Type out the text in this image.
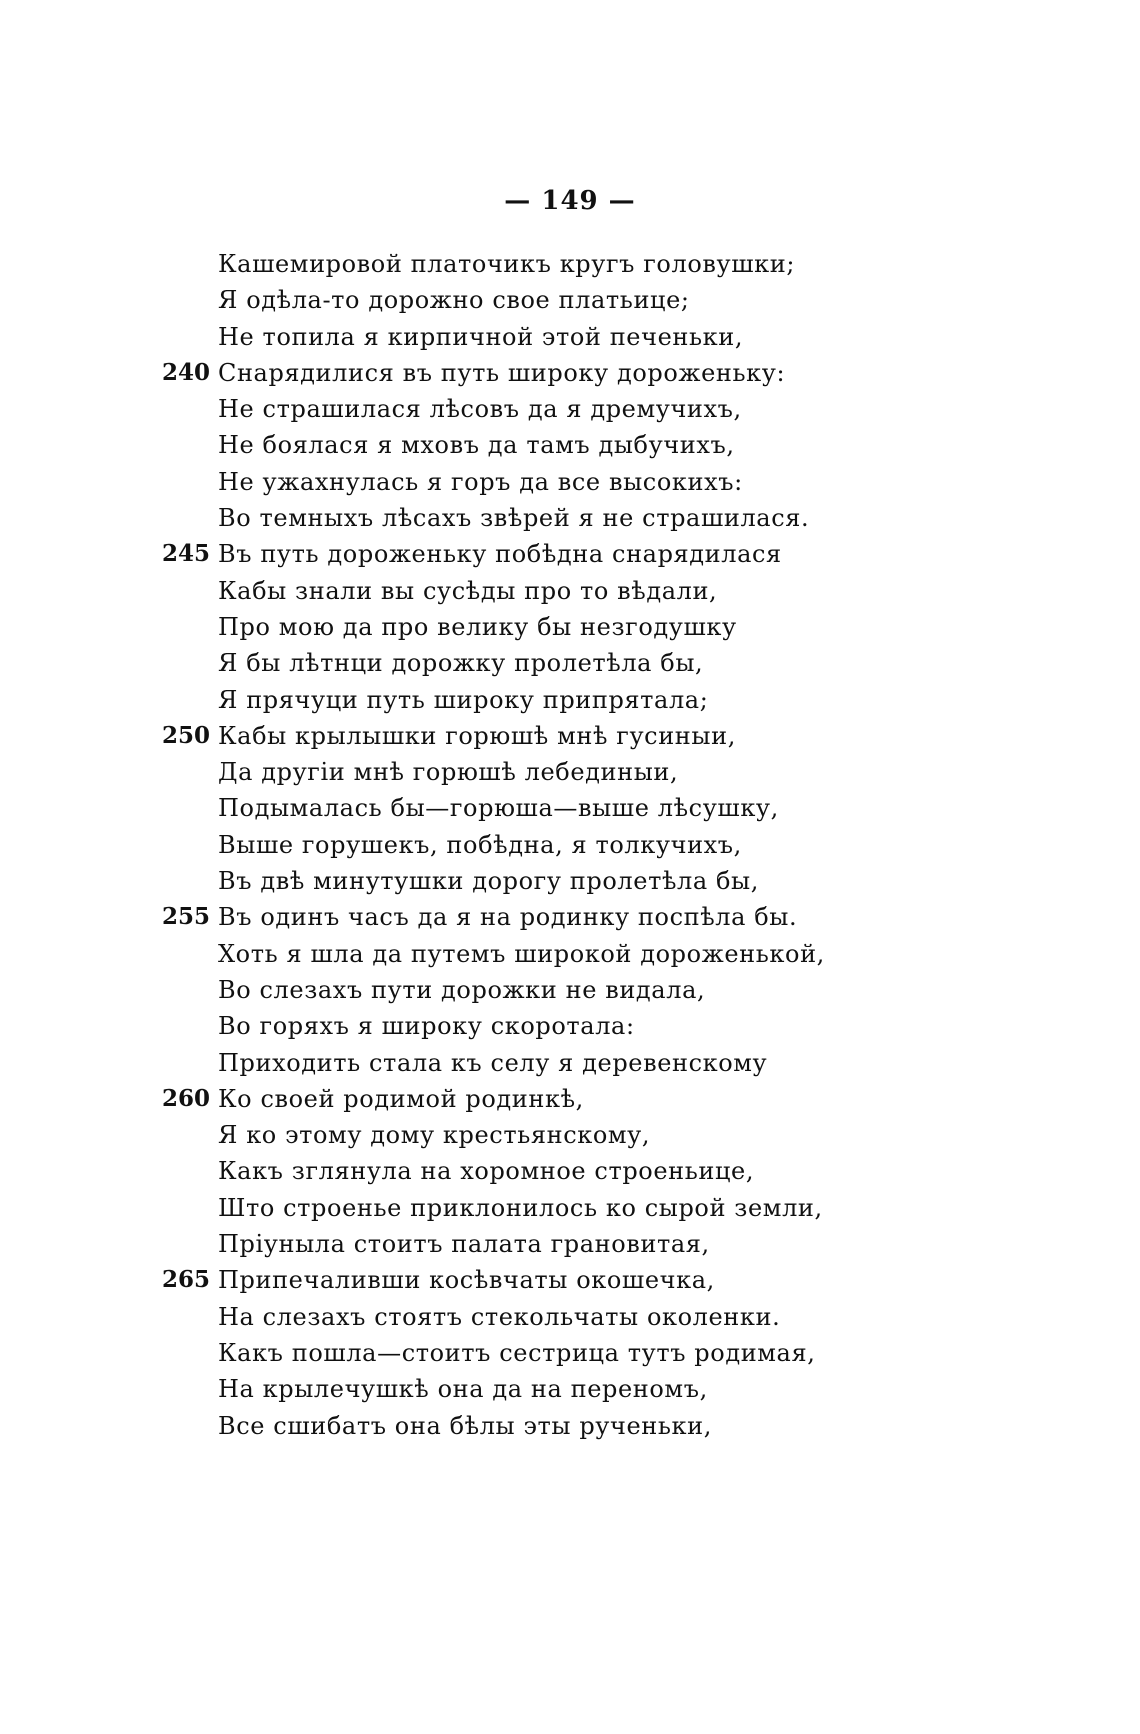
— 149 —
Кашемировой платочикъ кругъ головушки;
Я одѣла-то дорожно свое платьице;
Не топила я кирпичной этой печеньки,
240 Снарядилися въ путь широку дороженьку:
Не страшилася лѣсовъ да я дремучихъ,
Не боялася я мховъ да тамъ дыбучихъ,
Не ужахнулась я горъ да все высокихъ:
Во темныхъ лѣсахъ звѣрей я не страшилася.
245 Въ путь дороженьку побѣдна снарядилася
Кабы знали вы сусѣды про то вѣдали,
Про мою да про велику бы незгодушку
Я бы лѣтнци дорожку пролетѣла бы,
Я прячуци путь широку припрятала;
250 Кабы крылышки горюшѣ мнѣ гусиныи,
Да другіи мнѣ горюшѣ лебединыи,
Подымалась бы—горюша—выше лѣсушку,
Выше горушекъ, побѣдна, я толкучихъ,
Въ двѣ минутушки дорогу пролетѣла бы,
255 Въ одинъ часъ да я на родинку поспѣла бы.
Хоть я шла да путемъ широкой дороженькой,
Во слезахъ пути дорожки не видала,
Во горяхъ я широку скоротала:
Приходить стала къ селу я деревенскому
260 Ко своей родимой родинкѣ,
Я ко этому дому крестьянскому,
Какъ зглянула на хоромное строеньице,
Што строенье приклонилось ко сырой земли,
Пріуныла стоитъ палата грановитая,
265 Припечаливши косѣвчаты окошечка,
На слезахъ стоятъ стекольчаты околенки.
Какъ пошла—стоитъ сестрица тутъ родимая,
На крылечушкѣ она да на переномъ,
Все сшибатъ она бѣлы эты рученьки,
